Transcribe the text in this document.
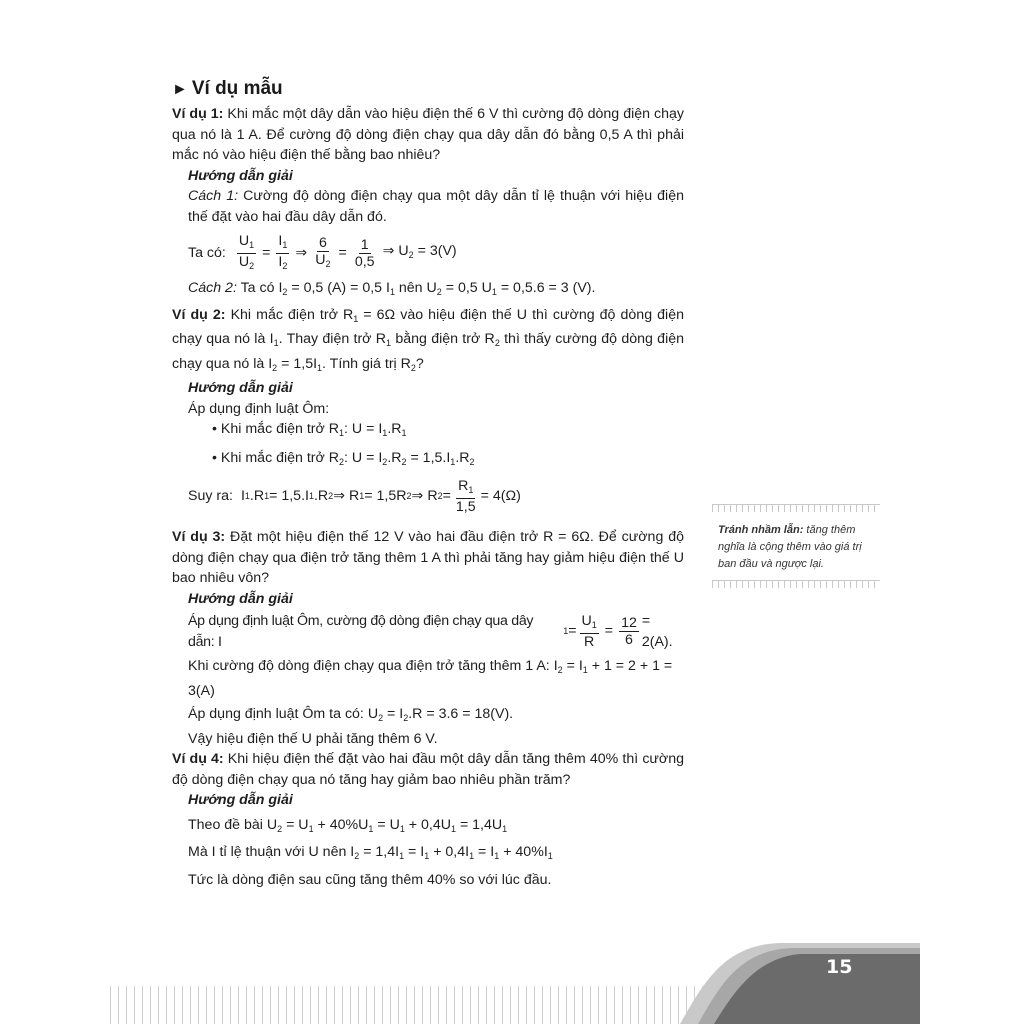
► Ví dụ mẫu
Ví dụ 1: Khi mắc một dây dẫn vào hiệu điện thế 6 V thì cường độ dòng điện chạy qua nó là 1 A. Để cường độ dòng điện chạy qua dây dẫn đó bằng 0,5 A thì phải mắc nó vào hiệu điện thế bằng bao nhiêu?
Hướng dẫn giải
Cách 1: Cường độ dòng điện chạy qua một dây dẫn tỉ lệ thuận với hiệu điện thế đặt vào hai đầu dây dẫn đó.
Ta có: $\frac{U_1}{U_2} = \frac{I_1}{I_2}$ ⇒ $\frac{6}{U_2} = \frac{1}{0,5}$ ⇒ $U_2 = 3(V)$
Cách 2: Ta có $I_2 = 0,5$ (A) = 0,5 $I_1$ nên $U_2 = 0,5$ $U_1 = 0,5.6 = 3$ (V).
Ví dụ 2: Khi mắc điện trở $R_1 = 6\Omega$ vào hiệu điện thế U thì cường độ dòng điện chạy qua nó là $I_1$. Thay điện trở $R_1$ bằng điện trở $R_2$ thì thấy cường độ dòng điện chạy qua nó là $I_2 = 1,5I_1$. Tính giá trị $R_2$?
Hướng dẫn giải
Áp dụng định luật Ôm:
• Khi mắc điện trở $R_1$: $U = I_1.R_1$
• Khi mắc điện trở $R_2$: $U = I_2.R_2 = 1,5.I_1.R_2$
Suy ra: I 1 .R 1 = 1,5.I 1 .R 2 ⇒ R 1 = 1,5R 2 ⇒ R $2 = \frac{R_1}{1,5} = 4(\Omega)$
Ví dụ 3: Đặt một hiệu điện thế 12 V vào hai đầu điện trở R = 6Ω. Để cường độ dòng điện chạy qua điện trở tăng thêm 1 A thì phải tăng hay giảm hiệu điện thế U bao nhiêu vôn?
Hướng dẫn giải
Áp dụng định luật Ôm, cường độ dòng điện chạy qua dây dẫn: I
$1 = \frac{U_1}{R} = \frac{12}{6} = 2(A)$.
Khi cường độ dòng điện chạy qua điện trở tăng thêm 1 A: $I_2 = I_1 + 1 = 2 + 1 = 3(A)$
Áp dụng định luật Ôm ta có: $U_2 = I_2.R = 3.6 = 18(V)$.
Vậy hiệu điện thế U phải tăng thêm 6 V.
Ví dụ 4: Khi hiệu điện thế đặt vào hai đầu một dây dẫn tăng thêm 40% thì cường độ dòng điện chạy qua nó tăng hay giảm bao nhiêu phần trăm?
Hướng dẫn giải
Theo đề bài $U_2 = U_1 + 40\%U_1 = U_1 + 0,4U_1 = 1,4U_1$
Mà I tỉ lệ thuận với U nên $I_2 = 1,4I_1 = I_1 + 0,4I_1 = I_1 + 40\%I_1$
Tức là dòng điện sau cũng tăng thêm 40% so với lúc đầu.
Tránh nhầm lẫn: tăng thêm nghĩa là cộng thêm vào giá trị ban đầu và ngược lại.
15
